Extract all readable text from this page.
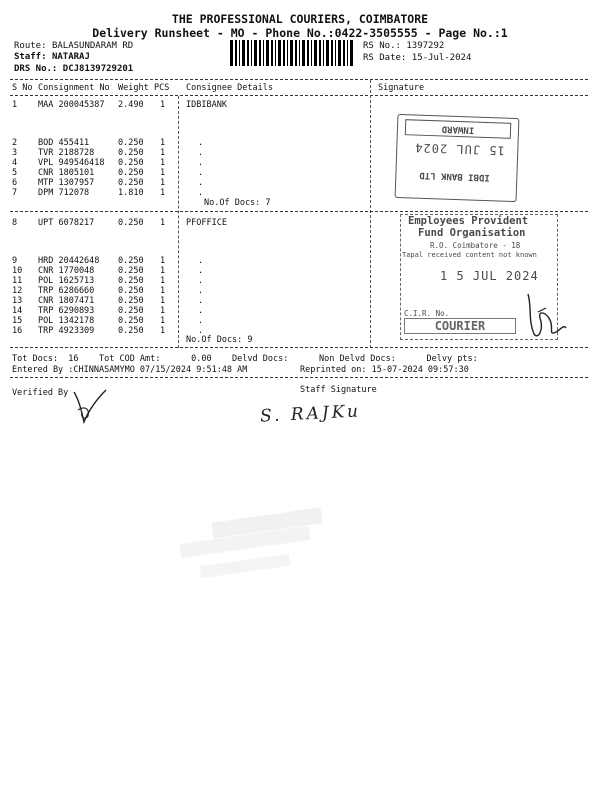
THE PROFESSIONAL COURIERS, COIMBATORE
Delivery Runsheet - MO - Phone No.:0422-3505555 - Page No.:1
Route: BALASUNDARAM RD
Staff: NATARAJ
DRS No.: DCJ8139729201
RS No.: 1397292
RS Date: 15-Jul-2024
S No Consignment No Weight PCS Consignee Details	Signature
IDBIBANK
1 MAA 200045387 2.490 1
2 BOD 455411	0.250 1	.
3 TVR 2188728	0.250 1	.
4 VPL 949546418 0.250 1	.
5 CNR 1805101	0.250 1	.
6 MTP 1307957	0.250 1	.
7 DPM 712078	1.810 1	.
No.Of Docs: 7
PFOFFICE
8 UPT 6078217	0.250 1
9 HRD 20442648 0.250 1	.
10 CNR 1770048	0.250 1	.
11 POL 1625713	0.250 1	.
12 TRP 6286660	0.250 1	.
13 CNR 1807471	0.250 1	.
14 TRP 6290893	0.250 1	.
15 POL 1342178	0.250 1	.
16 TRP 4923309	0.250 1	.
No.Of Docs: 9
INWARD
15 JUL 2024
IDBI BANK LTD
Employees Provident
Fund Organisation
R.O. Coimbatore - 18
Tapal received content not known
1 5 JUL 2024
C.I.R. No.
COURIER
Tot Docs:  16    Tot COD Amt:      0.00    Delvd Docs:      Non Delvd Docs:      Delvy pts:
Entered By :CHINNASAMYMO 07/15/2024 9:51:48 AM	Reprinted on: 15-07-2024 09:57:30
Verified By	Staff Signature
S. RAJKu
